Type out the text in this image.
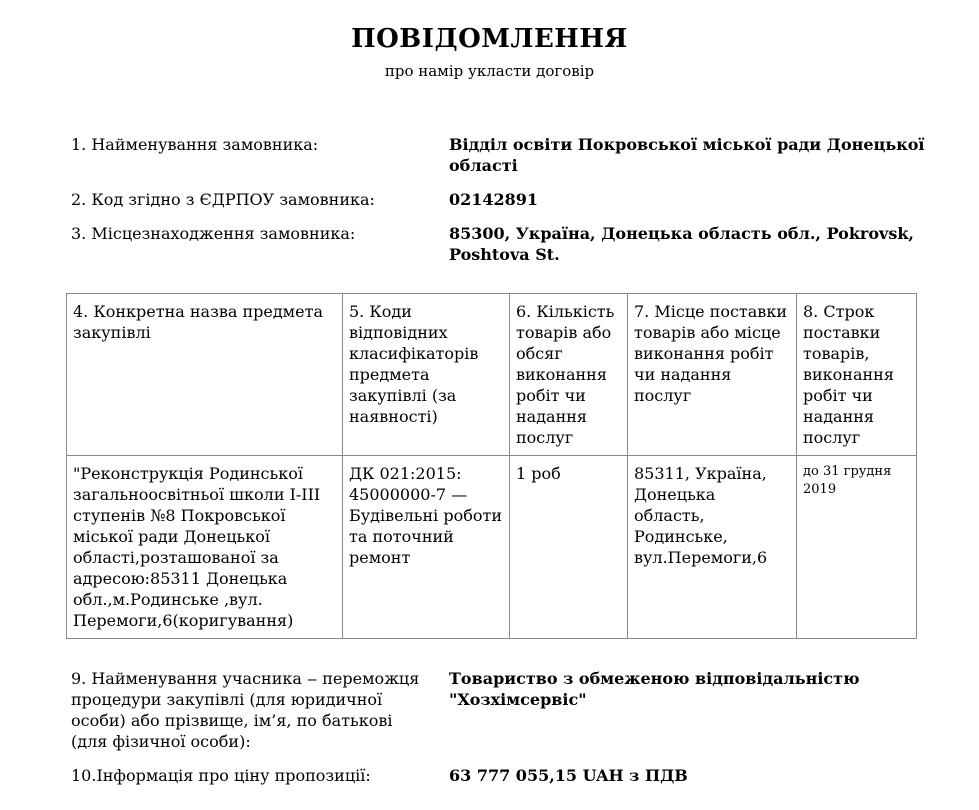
ПОВІДОМЛЕННЯ
про намір укласти договір
1. Найменування замовника:	Відділ освіти Покровської міської ради Донецької області
2. Код згідно з ЄДРПОУ замовника:	02142891
3. Місцезнаходження замовника:	85300, Україна, Донецька область обл., Pokrovsk, Poshtova St.
4. Конкретна назва предмета закупівлі	5. Коди відповідних класифікаторів предмета закупівлі (за наявності)	6. Кількість товарів або обсяг виконання робіт чи надання послуг	7. Місце поставки товарів або місце виконання робіт чи надання послуг	8. Строк поставки товарів, виконання робіт чи надання послуг
"Реконструкція Родинської загальноосвітньої школи І-ІІІ ступенів №8 Покровської міської ради Донецької області,розташованої за адресою:85311 Донецька обл.,м.Родинське ,вул. Перемоги,6(коригування)	ДК 021:2015: 45000000-7 — Будівельні роботи та поточний ремонт	1 роб	85311, Україна, Донецька область, Родинське, вул.Перемоги,6	до 31 грудня 2019
9. Найменування учасника ‒ переможця процедури закупівлі (для юридичної особи) або прізвище, ім’я, по батькові (для фізичної особи):
Товариство з обмеженою відповідальністю "Хозхімсервіс"
10.Інформація про ціну пропозиції:	63 777 055,15 UAH з ПДВ
